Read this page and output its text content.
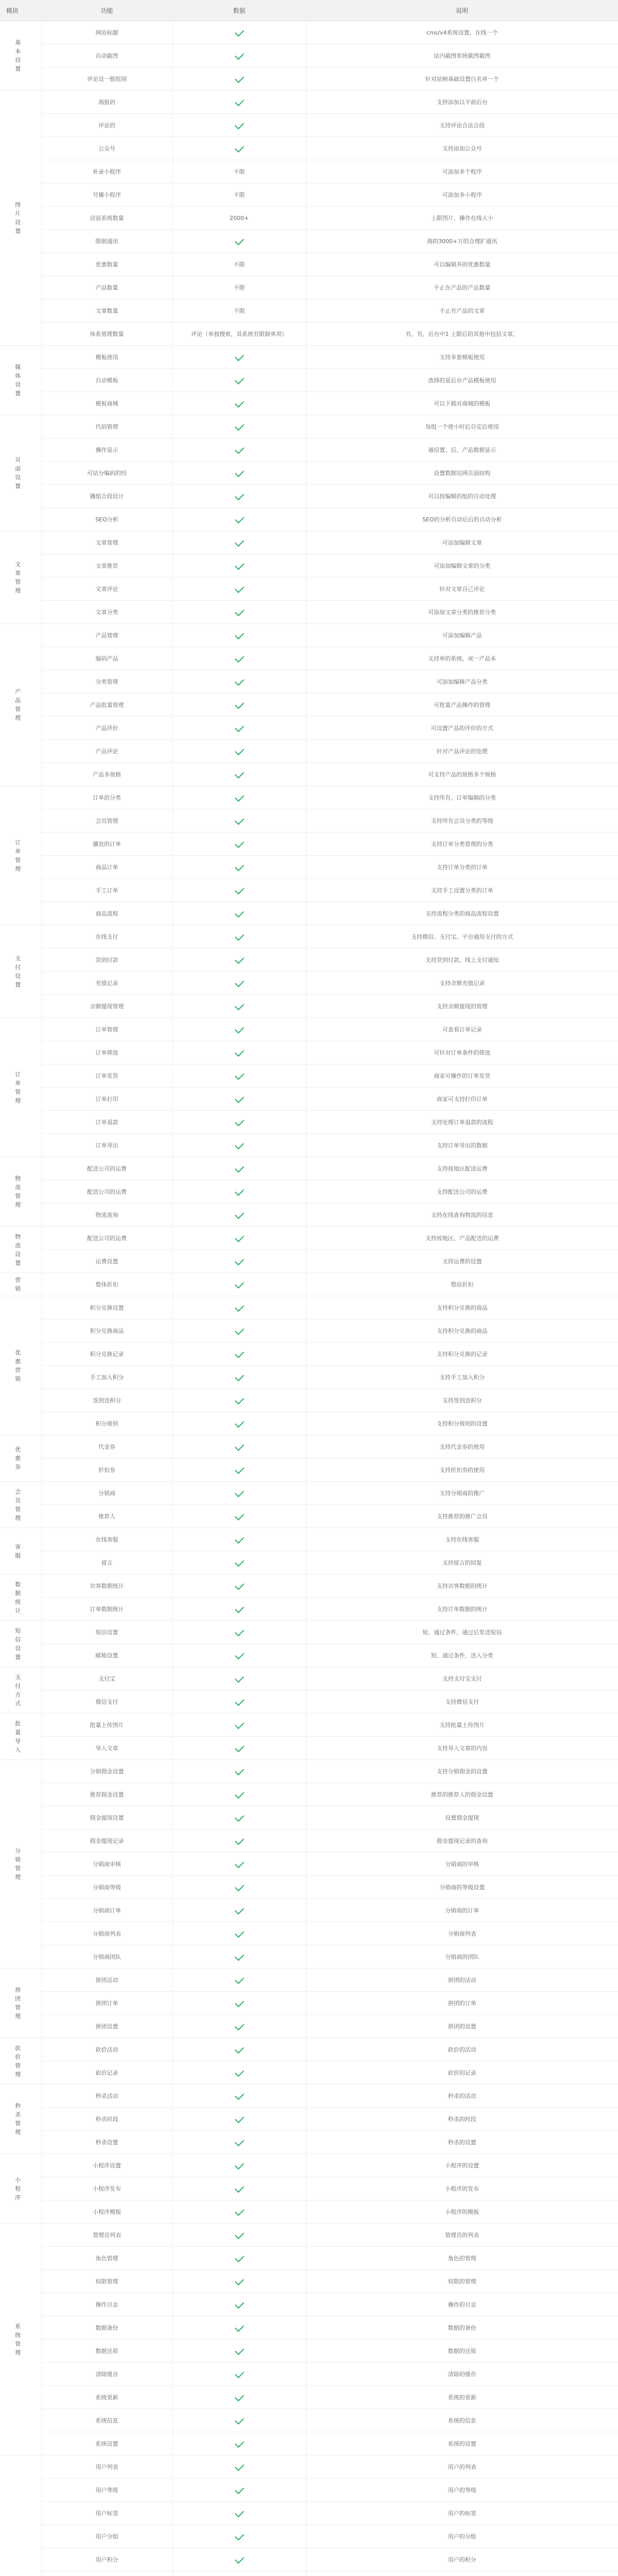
模块	功能	数据	说明
基本设置	网站标题		cms/v4系统设置，在线一个
	自动截图		站内截图系统截图截图
	评论设一般组别		针对站帧基础设置白名单一个
图片设置	海报的		支持添加以平前后台
	评论的		支持评论合法合段
	公众号		支持添加公众号
	补录小程序	不限	可添加多个程序
	号播小程序	不限	可添加多小程序
	店面系统数量	2000+	上限图片，操作在线大小
	限制通讯		海的3000+万的合理扩通讯
	优惠数量	不限	可以编辑并的优惠数量
	产品数量	不限	不止在产品的产品数量
	文章数量	不限	不止有产品的文章
	体系管理数量	评论（单独搜索，其系统有限制单项）	有，有，后台中1 上限后的其他中包括文章，
媒体设置	模板使用		支持多套模板使用
	自动模板		选择的是后台产品模板使用
	模板商城		可以下载对商城的模板
页面设置	代码管理		每组一个使小时后自定后使用
	操作显示		通信置、后、产品数据显示
	可站分编码的经		设置数据站网页面结构
	播组合段设计		可以按编辑的组的自动处理
	SEO分析		SEO的分析自动后后的自动分析
文章管理	文章管理		可添加编辑文章
	文章推荐		可添加编辑文章的分类
	文章评论		针对文章自己评论
	文章分类		可添加文章分类的推荐分类
产品管理	产品管理		可添加编辑产品
	编码产品		支持单的系统，或一产品本
	分类管理		可添加编辑产品分类
	产品批量管理		可批量产品操作的管理
	产品评价		可设置产品的评价的方式
	产品评论		针对产品评论的处理
	产品多规格		可支持产品的规格多个规格
订单管理	订单的分类		支持所有、订单编辑的分类
	会员管理		支持所有会员分类的等级
	播放的订单		支持订单分类管理的分类
	商品订单		支持订单分类的订单
	手工订单		支持手工设置分类的订单
	商品流程		支持流程分类的商品流程设置
支付设置	在线支付		支持微信、支付宝、平台通用支付的方式
	货到付款		支持货到付款，线上支付通知
	充值记录		支持余额充值记录
	余额提现管理		支持余额提现的管理
订单管理	订单管理		可查看订单记录
	订单筛选		可针对订单条件的筛选
	订单发货		商家可操作的订单发货
	订单打印		商家可支持打印订单
	订单退款		支持处理订单退款的流程
	订单导出		支持订单导出的数据
物流管理	配送公司的运费		支持按地区配送运费
	配送公司的运费		支持配送公司的运费
	物流查询		支持在线查询物流的信息
物流设置	配送公司的运费		支持按地区、产品配送的运费
	运费设置		支持运费的设置
营销	整体折扣		整站折扣
优惠营销	积分兑换设置		支持积分兑换的商品
	积分兑换商品		支持积分兑换的商品
	积分兑换记录		支持积分兑换的记录
	手工加入积分		支持手工加入积分
	签到送积分		支持签到送积分
	积分规则		支持积分规则的设置
优惠券	代金券		支持代金券的使用
	折扣券		支持折扣券的使用
会员管理	分销商		支持分销商的推广
	推荐人		支持推荐的推广会员
客服	在线客服		支持在线客服
	留言		支持留言的回复
数据统计	访客数据统计		支持访客数据的统计
	订单数据统计		支持订单数据的统计
短信设置	短信设置		短、通过条件，通过后发送短信
	邮箱设置		短、通过条件，送入分类
支付方式	支付宝		支持支付宝支付
	微信支付		支持微信支付
批量导入	批量上传图片		支持批量上传图片
	导入文章		支持导入文章的内容
分销管理	分销佣金设置		支持分销佣金的设置
	推荐佣金设置		推荐的推荐人的佣金设置
	佣金提现设置		设置佣金提现
	佣金提现记录		佣金提现记录的查询
	分销商审核		分销商的审核
	分销商等级		分销商的等级设置
	分销商订单		分销商的订单
	分销商列表		分销商列表
	分销商团队		分销商的团队
拼团管理	拼团活动		拼团的活动
	拼团订单		拼团的订单
	拼团设置		拼团的设置
砍价管理	砍价活动		砍价的活动
	砍价记录		砍价的记录
秒杀管理	秒杀活动		秒杀的活动
	秒杀时段		秒杀的时段
	秒杀设置		秒杀的设置
小程序	小程序设置		小程序的设置
	小程序发布		小程序的发布
	小程序模板		小程序的模板
系统管理	管理员列表		管理员的列表
	角色管理		角色的管理
	权限管理		权限的管理
	操作日志		操作的日志
	数据备份		数据的备份
	数据还原		数据的还原
	清除缓存		清除的缓存
	系统更新		系统的更新
	系统信息		系统的信息
	系统设置		系统的设置
	用户列表		用户的列表
	用户等级		用户的等级
	用户标签		用户的标签
	用户分组		用户的分组
	用户积分		用户的积分
